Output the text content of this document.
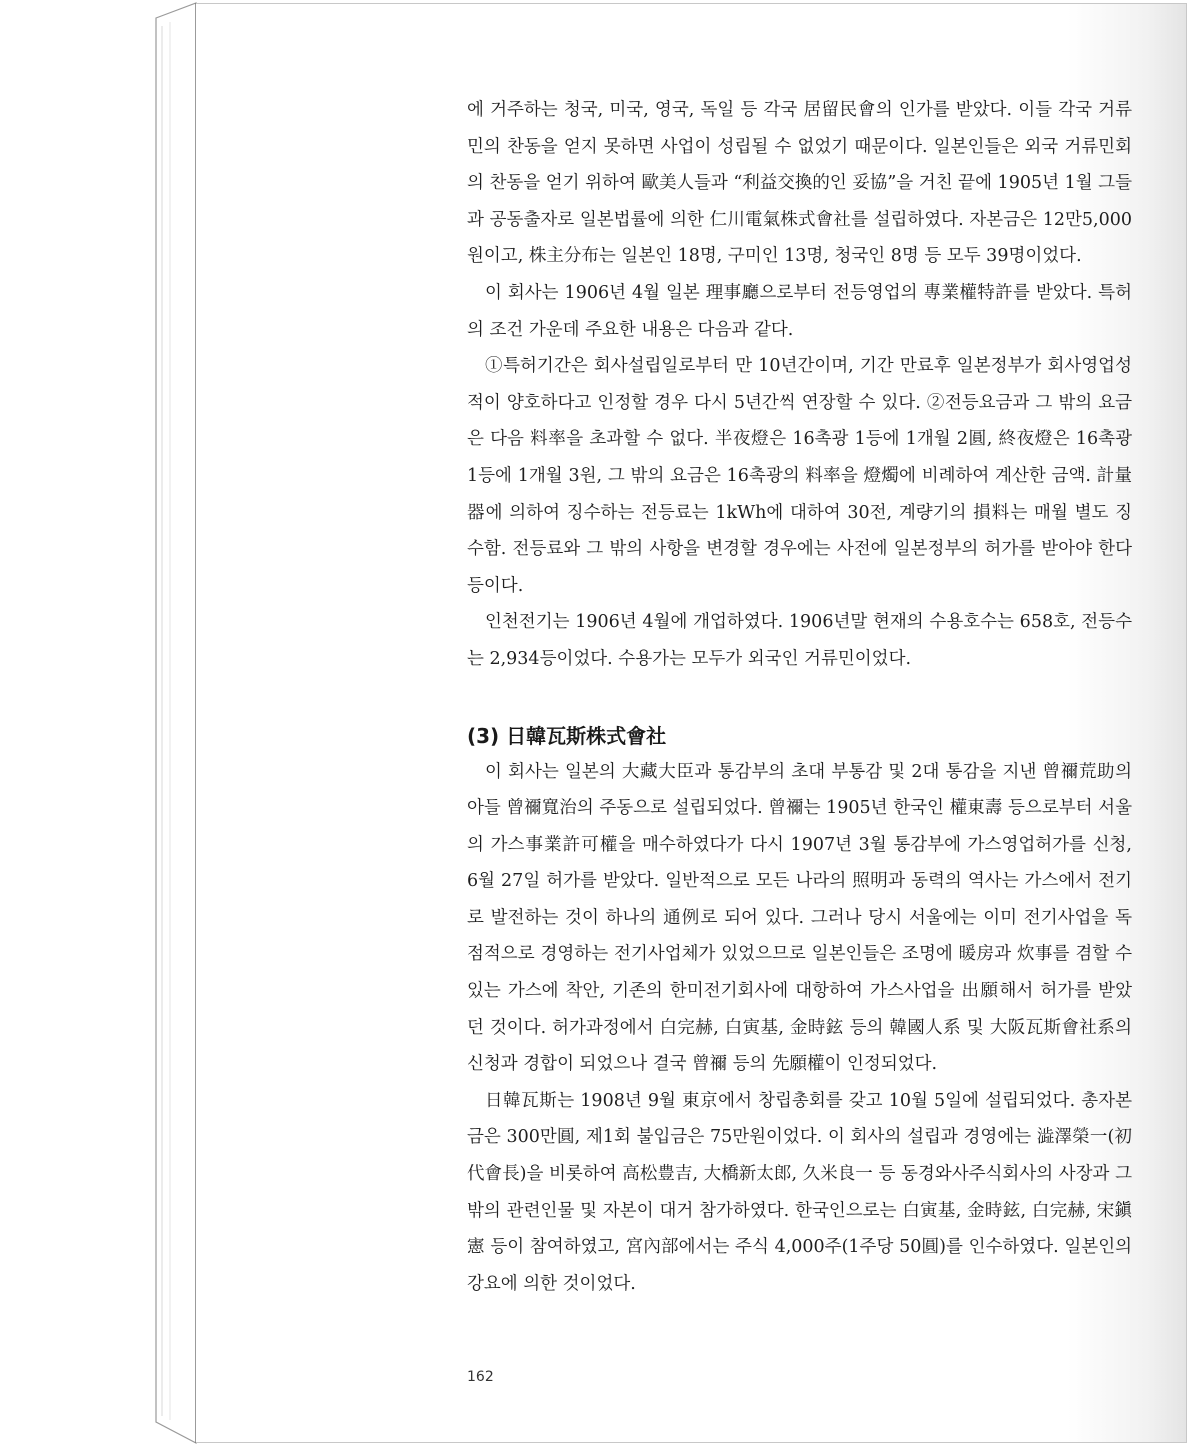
에 거주하는 청국, 미국, 영국, 독일 등 각국 居留民會의 인가를 받았다. 이들 각국 거류민의 찬동을 얻지 못하면 사업이 성립될 수 없었기 때문이다. 일본인들은 외국 거류민회의 찬동을 얻기 위하여 歐美人들과 “利益交換的인 妥協”을 거친 끝에 1905년 1월 그들과 공동출자로 일본법률에 의한 仁川電氣株式會社를 설립하였다. 자본금은 12만5,000원이고, 株主分布는 일본인 18명, 구미인 13명, 청국인 8명 등 모두 39명이었다.

이 회사는 1906년 4월 일본 理事廳으로부터 전등영업의 專業權特許를 받았다. 특허의 조건 가운데 주요한 내용은 다음과 같다.

①특허기간은 회사설립일로부터 만 10년간이며, 기간 만료후 일본정부가 회사영업성적이 양호하다고 인정할 경우 다시 5년간씩 연장할 수 있다. ②전등요금과 그 밖의 요금은 다음 料率을 초과할 수 없다. 半夜燈은 16촉광 1등에 1개월 2圓, 終夜燈은 16촉광 1등에 1개월 3원, 그 밖의 요금은 16촉광의 料率을 燈燭에 비례하여 계산한 금액. 計量器에 의하여 징수하는 전등료는 1kWh에 대하여 30전, 계량기의 損料는 매월 별도 징수함. 전등료와 그 밖의 사항을 변경할 경우에는 사전에 일본정부의 허가를 받아야 한다 등이다.

인천전기는 1906년 4월에 개업하였다. 1906년말 현재의 수용호수는 658호, 전등수는 2,934등이었다. 수용가는 모두가 외국인 거류민이었다.

(3) 日韓瓦斯株式會社

이 회사는 일본의 大藏大臣과 통감부의 초대 부통감 및 2대 통감을 지낸 曾禰荒助의 아들 曾禰寬治의 주동으로 설립되었다. 曾禰는 1905년 한국인 權東壽 등으로부터 서울의 가스事業許可權을 매수하였다가 다시 1907년 3월 통감부에 가스영업허가를 신청, 6월 27일 허가를 받았다. 일반적으로 모든 나라의 照明과 동력의 역사는 가스에서 전기로 발전하는 것이 하나의 通例로 되어 있다. 그러나 당시 서울에는 이미 전기사업을 독점적으로 경영하는 전기사업체가 있었으므로 일본인들은 조명에 暖房과 炊事를 겸할 수 있는 가스에 착안, 기존의 한미전기회사에 대항하여 가스사업을 出願해서 허가를 받았던 것이다. 허가과정에서 白完赫, 白寅基, 金時鉉 등의 韓國人系 및 大阪瓦斯會社系의 신청과 경합이 되었으나 결국 曾禰 등의 先願權이 인정되었다.

日韓瓦斯는 1908년 9월 東京에서 창립총회를 갖고 10월 5일에 설립되었다. 총자본금은 300만圓, 제1회 불입금은 75만원이었다. 이 회사의 설립과 경영에는 澁澤榮一(初代會長)을 비롯하여 高松豊吉, 大橋新太郎, 久米良一 등 동경와사주식회사의 사장과 그 밖의 관련인물 및 자본이 대거 참가하였다. 한국인으로는 白寅基, 金時鉉, 白完赫, 宋鎭憲 등이 참여하였고, 宮內部에서는 주식 4,000주(1주당 50圓)를 인수하였다. 일본인의 강요에 의한 것이었다.

162
